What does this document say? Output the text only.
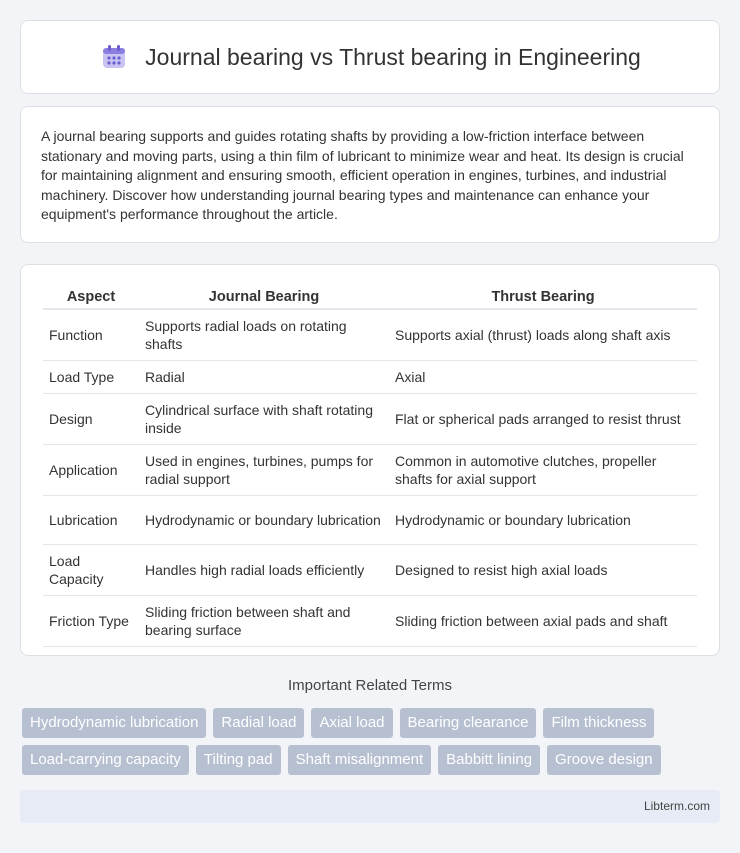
Journal bearing vs Thrust bearing in Engineering

A journal bearing supports and guides rotating shafts by providing a low-friction interface between stationary and moving parts, using a thin film of lubricant to minimize wear and heat. Its design is crucial for maintaining alignment and ensuring smooth, efficient operation in engines, turbines, and industrial machinery. Discover how understanding journal bearing types and maintenance can enhance your equipment's performance throughout the article.

Aspect	Journal Bearing	Thrust Bearing
Function	Supports radial loads on rotating shafts	Supports axial (thrust) loads along shaft axis
Load Type	Radial	Axial
Design	Cylindrical surface with shaft rotating inside	Flat or spherical pads arranged to resist thrust
Application	Used in engines, turbines, pumps for radial support	Common in automotive clutches, propeller shafts for axial support
Lubrication	Hydrodynamic or boundary lubrication	Hydrodynamic or boundary lubrication
Load Capacity	Handles high radial loads efficiently	Designed to resist high axial loads
Friction Type	Sliding friction between shaft and bearing surface	Sliding friction between axial pads and shaft
Important Related Terms
Hydrodynamic lubrication	Radial load	Axial load	Bearing clearance	Film thickness
Load-carrying capacity	Tilting pad	Shaft misalignment	Babbitt lining	Groove design
Libterm.com
